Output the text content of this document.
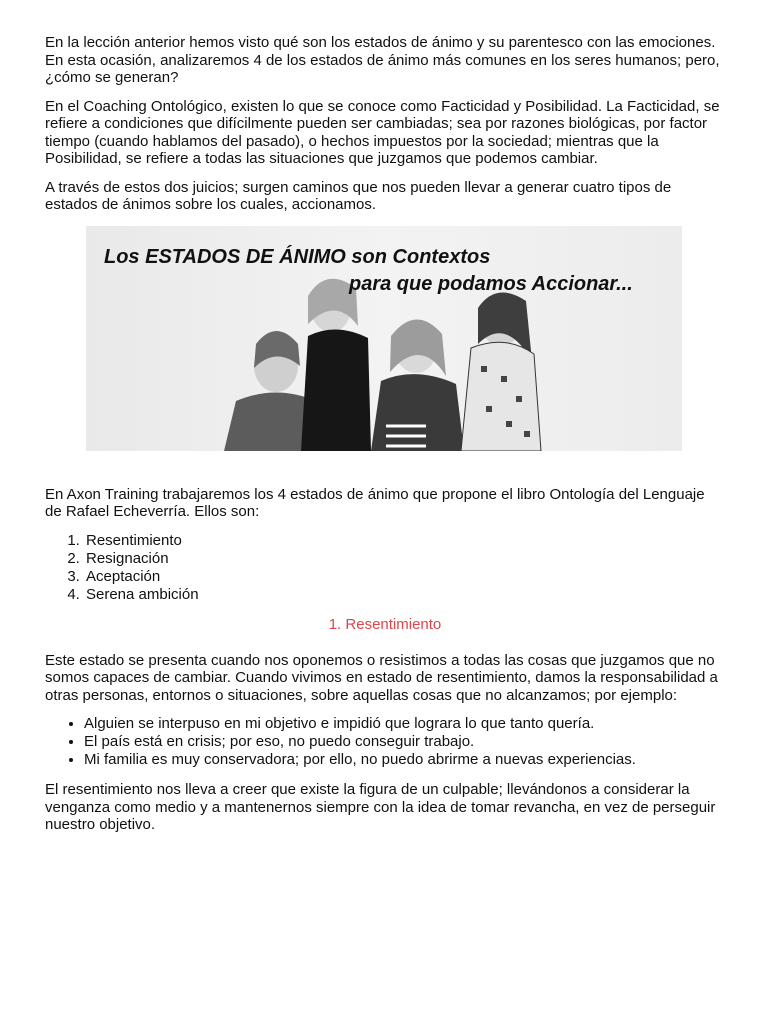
En la lección anterior hemos visto qué son los estados de ánimo y su parentesco con las emociones. En esta ocasión, analizaremos 4 de los estados de ánimo más comunes en los seres humanos; pero, ¿cómo se generan?

En el Coaching Ontológico, existen lo que se conoce como Facticidad y Posibilidad. La Facticidad, se refiere a condiciones que difícilmente pueden ser cambiadas; sea por razones biológicas, por factor tiempo (cuando hablamos del pasado), o hechos impuestos por la sociedad; mientras que la Posibilidad, se refiere a todas las situaciones que juzgamos que podemos cambiar.

A través de estos dos juicios; surgen caminos que nos pueden llevar a generar cuatro tipos de estados de ánimos sobre los cuales, accionamos.

Los ESTADOS DE ÁNIMO son Contextos
para que podamos Accionar...

En Axon Training trabajaremos los 4 estados de ánimo que propone el libro Ontología del Lenguaje de Rafael Echeverría. Ellos son:

1. Resentimiento
2. Resignación
3. Aceptación
4. Serena ambición
1. Resentimiento

Este estado se presenta cuando nos oponemos o resistimos a todas las cosas que juzgamos que no somos capaces de cambiar. Cuando vivimos en estado de resentimiento, damos la responsabilidad a otras personas, entornos o situaciones, sobre aquellas cosas que no alcanzamos; por ejemplo:

• Alguien se interpuso en mi objetivo e impidió que lograra lo que tanto quería.
• El país está en crisis; por eso, no puedo conseguir trabajo.
• Mi familia es muy conservadora; por ello, no puedo abrirme a nuevas experiencias.

El resentimiento nos lleva a creer que existe la figura de un culpable; llevándonos a considerar la venganza como medio y a mantenernos siempre con la idea de tomar revancha, en vez de perseguir nuestro objetivo.
